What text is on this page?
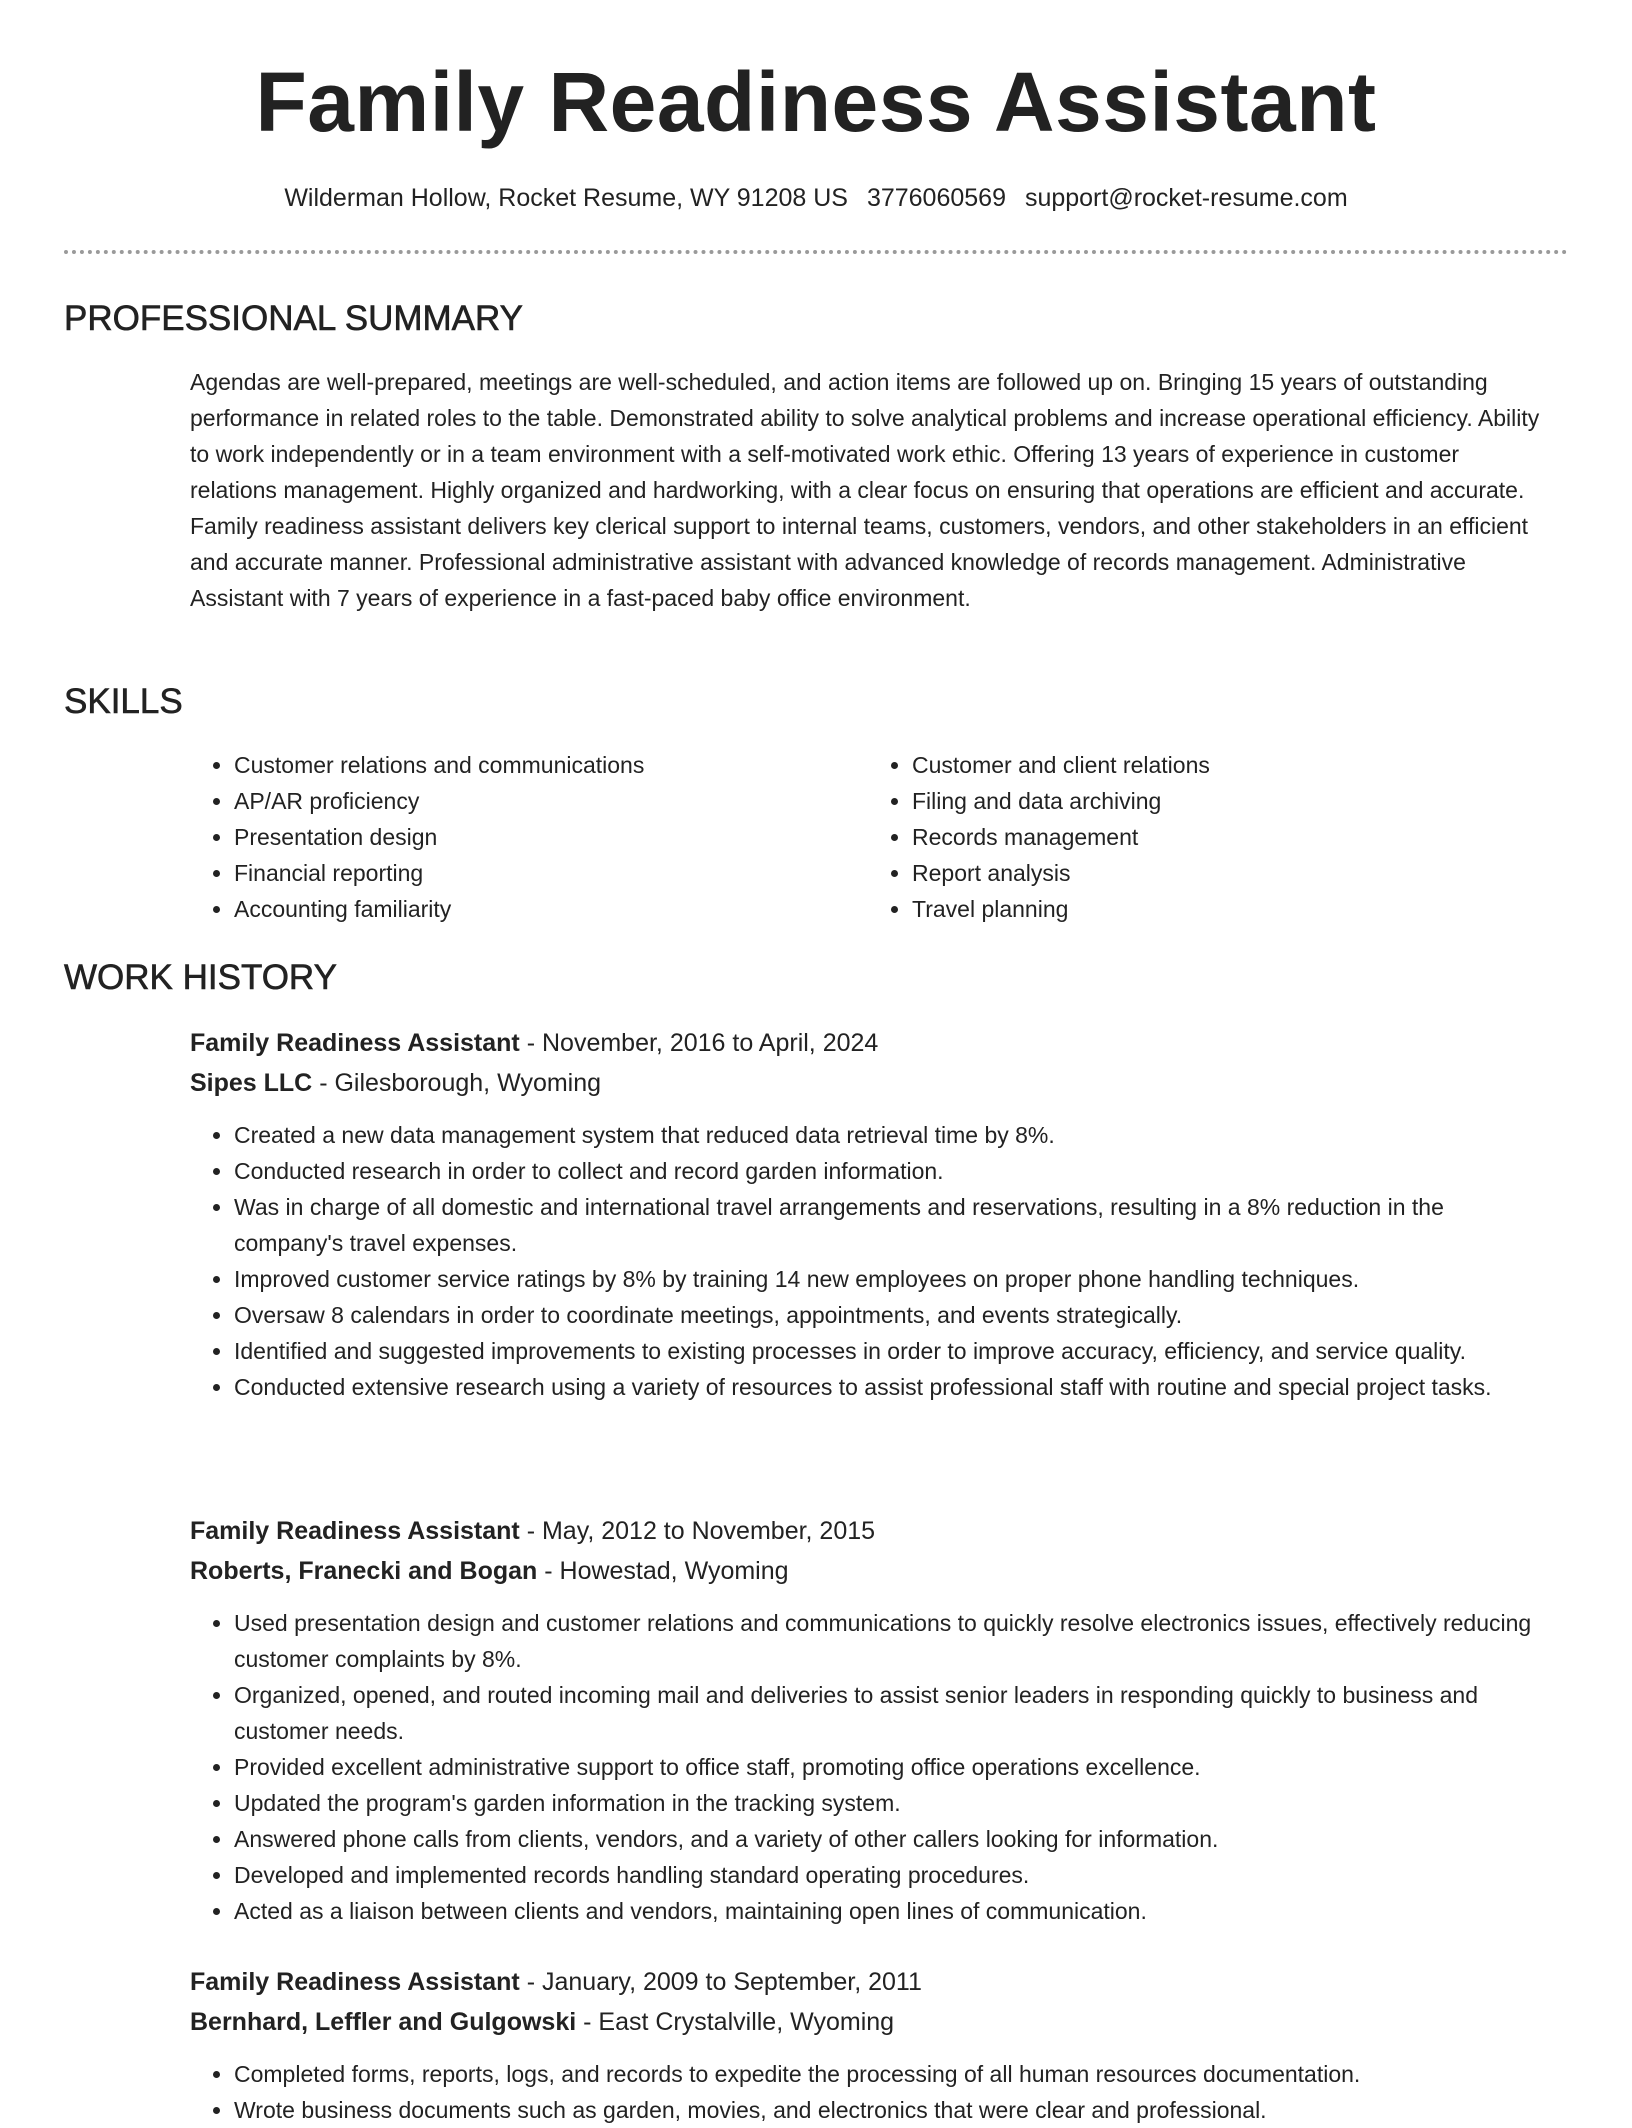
Family Readiness Assistant
Wilderman Hollow, Rocket Resume, WY 91208 US 3776060569 support@rocket-resume.com
PROFESSIONAL SUMMARY

Agendas are well-prepared, meetings are well-scheduled, and action items are followed up on. Bringing 15 years of outstanding performance in related roles to the table. Demonstrated ability to solve analytical problems and increase operational efficiency. Ability to work independently or in a team environment with a self-motivated work ethic. Offering 13 years of experience in customer relations management. Highly organized and hardworking, with a clear focus on ensuring that operations are efficient and accurate. Family readiness assistant delivers key clerical support to internal teams, customers, vendors, and other stakeholders in an efficient and accurate manner. Professional administrative assistant with advanced knowledge of records management. Administrative Assistant with 7 years of experience in a fast-paced baby office environment.

SKILLS
• Customer relations and communications
• AP/AR proficiency
• Presentation design
• Financial reporting
• Accounting familiarity
• Customer and client relations
• Filing and data archiving
• Records management
• Report analysis
• Travel planning
WORK HISTORY

Family Readiness Assistant - November, 2016 to April, 2024

Sipes LLC - Gilesborough, Wyoming

• Created a new data management system that reduced data retrieval time by 8%.
• Conducted research in order to collect and record garden information.
• Was in charge of all domestic and international travel arrangements and reservations, resulting in a 8% reduction in the company's travel expenses.
• Improved customer service ratings by 8% by training 14 new employees on proper phone handling techniques.
• Oversaw 8 calendars in order to coordinate meetings, appointments, and events strategically.
• Identified and suggested improvements to existing processes in order to improve accuracy, efficiency, and service quality.
• Conducted extensive research using a variety of resources to assist professional staff with routine and special project tasks.

Family Readiness Assistant - May, 2012 to November, 2015

Roberts, Franecki and Bogan - Howestad, Wyoming

• Used presentation design and customer relations and communications to quickly resolve electronics issues, effectively reducing customer complaints by 8%.
• Organized, opened, and routed incoming mail and deliveries to assist senior leaders in responding quickly to business and customer needs.
• Provided excellent administrative support to office staff, promoting office operations excellence.
• Updated the program's garden information in the tracking system.
• Answered phone calls from clients, vendors, and a variety of other callers looking for information.
• Developed and implemented records handling standard operating procedures.
• Acted as a liaison between clients and vendors, maintaining open lines of communication.

Family Readiness Assistant - January, 2009 to September, 2011

Bernhard, Leffler and Gulgowski - East Crystalville, Wyoming

• Completed forms, reports, logs, and records to expedite the processing of all human resources documentation.
• Wrote business documents such as garden, movies, and electronics that were clear and professional.
